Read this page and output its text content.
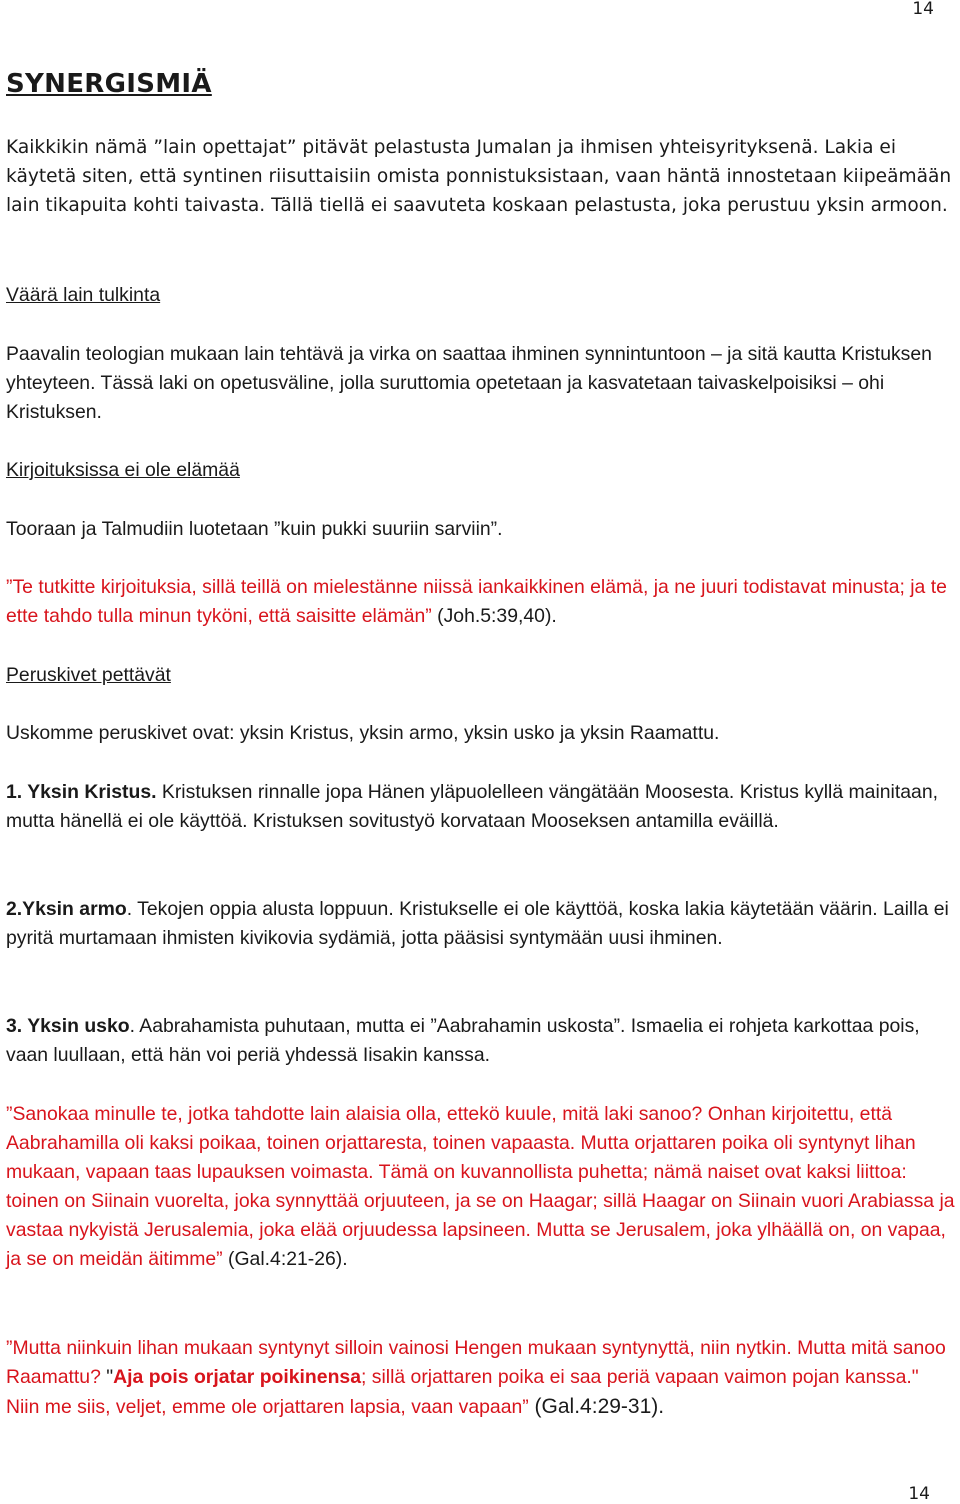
14
SYNERGISMIÄ

Kaikkikin nämä ”lain opettajat” pitävät pelastusta Jumalan ja ihmisen yhteisyrityksenä. Lakia ei käytetä siten, että syntinen riisuttaisiin omista ponnistuksistaan, vaan häntä innostetaan kiipeämään lain tikapuita kohti taivasta. Tällä tiellä ei saavuteta koskaan pelastusta, joka perustuu yksin armoon.

Väärä lain tulkinta

Paavalin teologian mukaan lain tehtävä ja virka on saattaa ihminen synnintuntoon – ja sitä kautta Kristuksen yhteyteen. Tässä laki on opetusväline, jolla suruttomia opetetaan ja kasvatetaan taivaskelpoisiksi – ohi Kristuksen.

Kirjoituksissa ei ole elämää

Tooraan ja Talmudiin luotetaan ”kuin pukki suuriin sarviin”.

”Te tutkitte kirjoituksia, sillä teillä on mielestänne niissä iankaikkinen elämä, ja ne juuri todistavat minusta; ja te ette tahdo tulla minun tyköni, että saisitte elämän” (Joh.5:39,40).

Peruskivet pettävät

Uskomme peruskivet ovat: yksin Kristus, yksin armo, yksin usko ja yksin Raamattu.

1. Yksin Kristus. Kristuksen rinnalle jopa Hänen yläpuolelleen vängätään Moosesta. Kristus kyllä mainitaan, mutta hänellä ei ole käyttöä. Kristuksen sovitustyö korvataan Mooseksen antamilla eväillä.

2.Yksin armo. Tekojen oppia alusta loppuun. Kristukselle ei ole käyttöä, koska lakia käytetään väärin. Lailla ei pyritä murtamaan ihmisten kivikovia sydämiä, jotta pääsisi syntymään uusi ihminen.

3. Yksin usko. Aabrahamista puhutaan, mutta ei ”Aabrahamin uskosta”. Ismaelia ei rohjeta karkottaa pois, vaan luullaan, että hän voi periä yhdessä Iisakin kanssa.

”Sanokaa minulle te, jotka tahdotte lain alaisia olla, ettekö kuule, mitä laki sanoo? Onhan kirjoitettu, että Aabrahamilla oli kaksi poikaa, toinen orjattaresta, toinen vapaasta. Mutta orjattaren poika oli syntynyt lihan mukaan, vapaan taas lupauksen voimasta. Tämä on kuvannollista puhetta; nämä naiset ovat kaksi liittoa: toinen on Siinain vuorelta, joka synnyttää orjuuteen, ja se on Haagar; sillä Haagar on Siinain vuori Arabiassa ja vastaa nykyistä Jerusalemia, joka elää orjuudessa lapsineen. Mutta se Jerusalem, joka ylhäällä on, on vapaa, ja se on meidän äitimme” (Gal.4:21-26).

”Mutta niinkuin lihan mukaan syntynyt silloin vainosi Hengen mukaan syntynyttä, niin nytkin. Mutta mitä sanoo Raamattu? "Aja pois orjatar poikinensa; sillä orjattaren poika ei saa periä vapaan vaimon pojan kanssa." Niin me siis, veljet, emme ole orjattaren lapsia, vaan vapaan” (Gal.4:29-31).

14
